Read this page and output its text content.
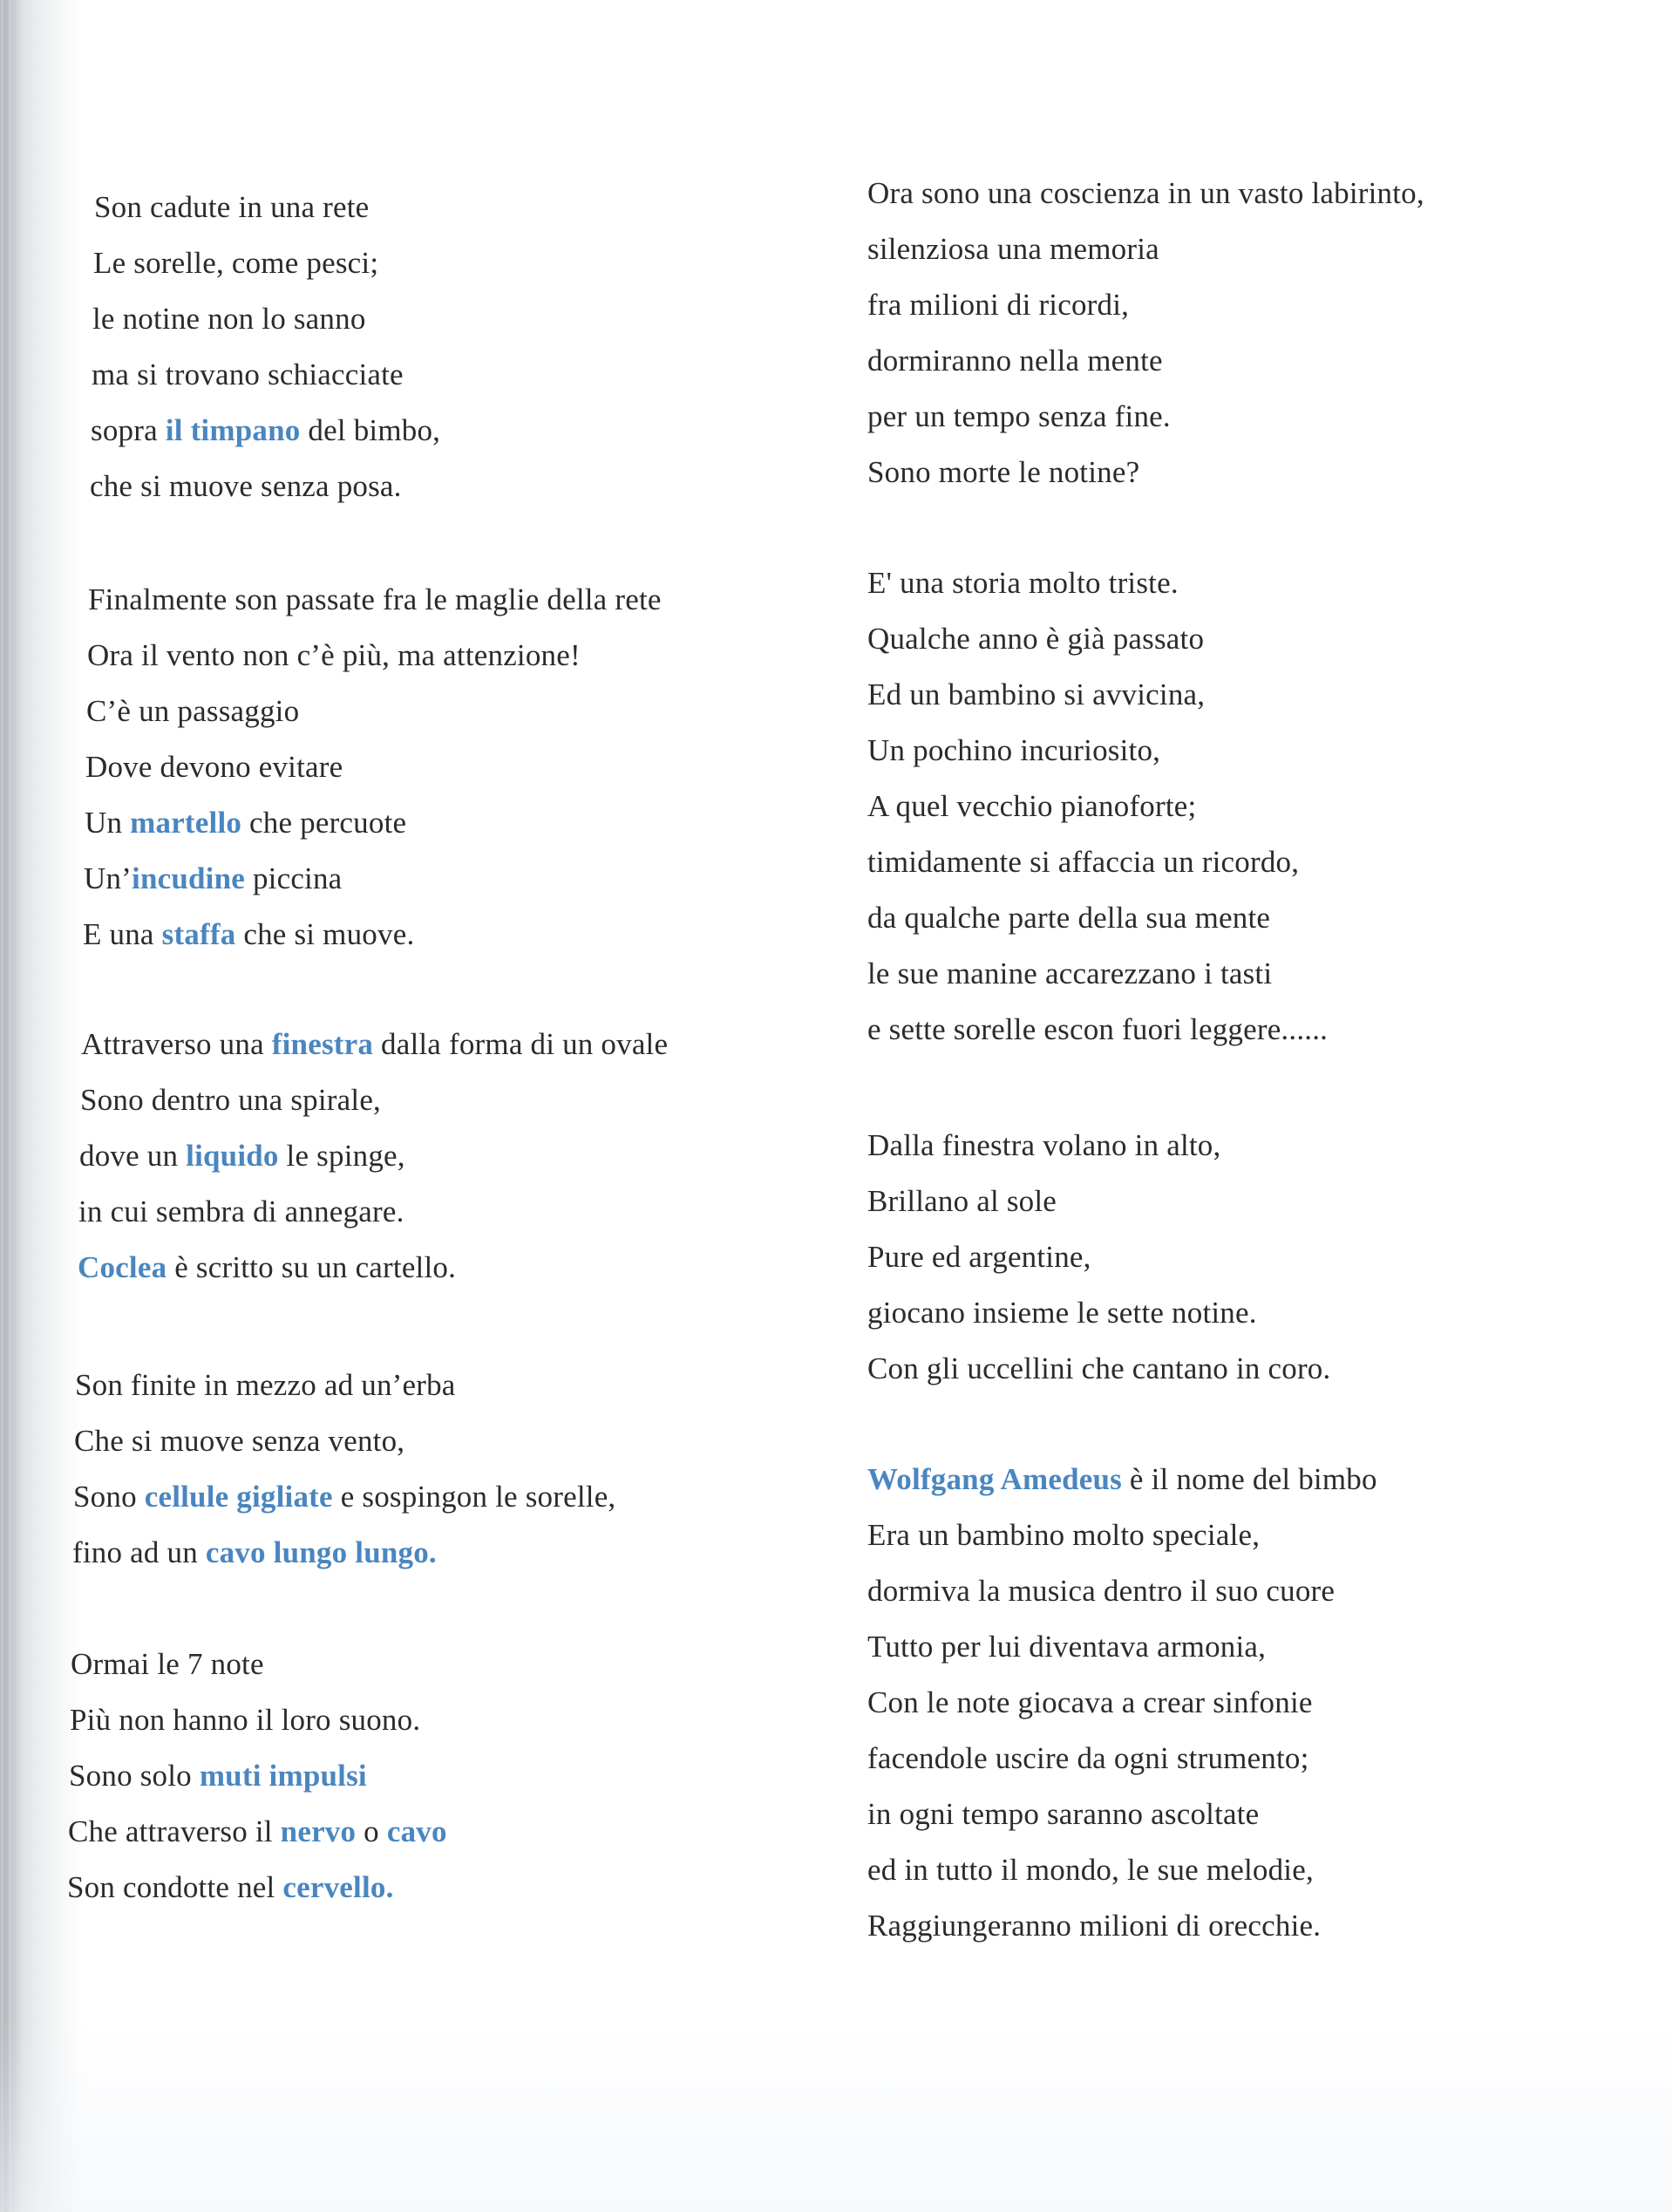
Son cadute in una rete
Le sorelle, come pesci;
le notine non lo sanno
ma si trovano schiacciate
sopra il timpano del bimbo,
che si muove senza posa.
Finalmente son passate fra le maglie della rete
Ora il vento non c’è più, ma attenzione!
C’è un passaggio
Dove devono evitare
Un martello che percuote
Un’incudine piccina
E una staffa che si muove.
Attraverso una finestra dalla forma di un ovale
Sono dentro una spirale,
dove un liquido le spinge,
in cui sembra di annegare.
Coclea è scritto su un cartello.
Son finite in mezzo ad un’erba
Che si muove senza vento,
Sono cellule gigliate e sospingon le sorelle,
fino ad un cavo lungo lungo.
Ormai le 7 note
Più non hanno il loro suono.
Sono solo muti impulsi
Che attraverso il nervo o cavo
Son condotte nel cervello.
Ora sono una coscienza in un vasto labirinto,
silenziosa una memoria
fra milioni di ricordi,
dormiranno nella mente
per un tempo senza fine.
Sono morte le notine?
E' una storia molto triste.
Qualche anno è già passato
Ed un bambino si avvicina,
Un pochino incuriosito,
A quel vecchio pianoforte;
timidamente si affaccia un ricordo,
da qualche parte della sua mente
le sue manine accarezzano i tasti
e sette sorelle escon fuori leggere......
Dalla finestra volano in alto,
Brillano al sole
Pure ed argentine,
giocano insieme le sette notine.
Con gli uccellini che cantano in coro.
Wolfgang Amedeus è il nome del bimbo
Era un bambino molto speciale,
dormiva la musica dentro il suo cuore
Tutto per lui diventava armonia,
Con le note giocava a crear sinfonie
facendole uscire da ogni strumento;
in ogni tempo saranno ascoltate
ed in tutto il mondo, le sue melodie,
Raggiungeranno milioni di orecchie.
